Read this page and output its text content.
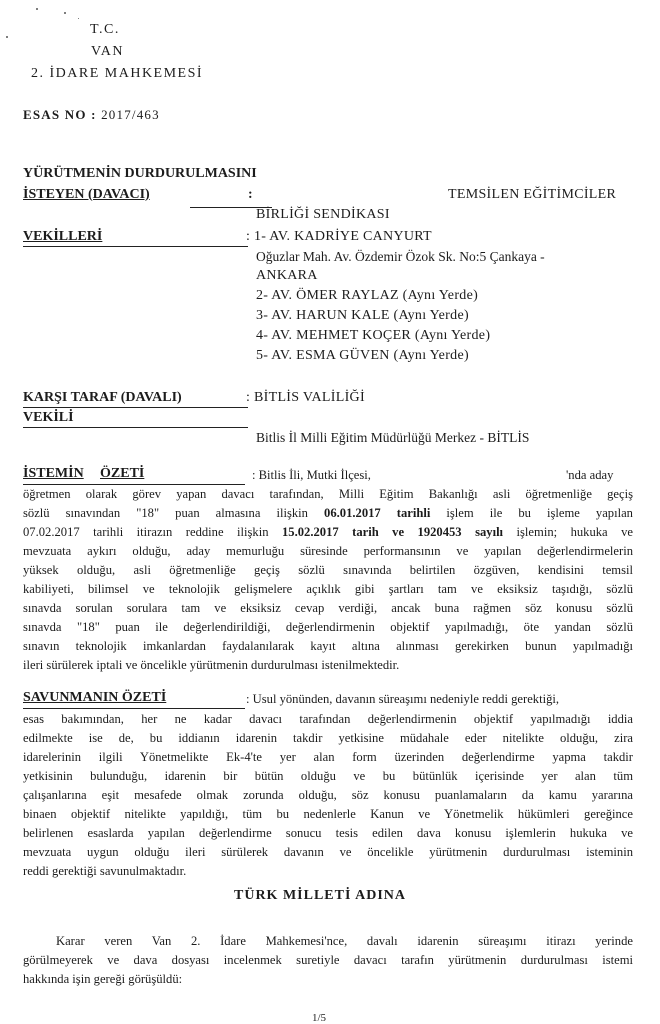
T.C.
VAN
2. İDARE MAHKEMESİ
ESAS NO : 2017/463
YÜRÜTMENİN DURDURULMASINI
İSTEYEN (DAVACI)	:	TEMSİLEN EĞİTİMCİLER
BİRLİĞİ SENDİKASI
VEKİLLERİ	: 1- AV. KADRİYE CANYURT
Oğuzlar Mah. Av. Özdemir Özok Sk. No:5 Çankaya -
ANKARA
2- AV. ÖMER RAYLAZ (Aynı Yerde)
3- AV. HARUN KALE (Aynı Yerde)
4- AV. MEHMET KOÇER (Aynı Yerde)
5- AV. ESMA GÜVEN (Aynı Yerde)
KARŞI TARAF (DAVALI)	: BİTLİS VALİLİĞİ
VEKİLİ
Bitlis İl Milli Eğitim Müdürlüğü Merkez - BİTLİS
İSTEMİN ÖZETİ	: Bitlis İli, Mutki İlçesi,	'nda aday
öğretmen olarak görev yapan davacı tarafından, Milli Eğitim Bakanlığı asli öğretmenliğe geçiş
sözlü sınavından "18" puan almasına ilişkin 06.01.2017 tarihli işlem ile bu işleme yapılan
07.02.2017 tarihli itirazın reddine ilişkin 15.02.2017 tarih ve 1920453 sayılı işlemin; hukuka ve
mevzuata aykırı olduğu, aday memurluğu süresinde performansının ve yapılan değerlendirmelerin
yüksek olduğu, asli öğretmenliğe geçiş sözlü sınavında belirtilen özgüven, kendisini temsil
kabiliyeti, bilimsel ve teknolojik gelişmelere açıklık gibi şartları tam ve eksiksiz taşıdığı, sözlü
sınavda sorulan sorulara tam ve eksiksiz cevap verdiği, ancak buna rağmen söz konusu sözlü
sınavda "18" puan ile değerlendirildiği, değerlendirmenin objektif yapılmadığı, öte yandan sözlü
sınavın teknolojik imkanlardan faydalanılarak kayıt altına alınması gerekirken bunun yapılmadığı
ileri sürülerek iptali ve öncelikle yürütmenin durdurulması istenilmektedir.
SAVUNMANIN ÖZETİ	: Usul yönünden, davanın süreaşımı nedeniyle reddi gerektiği,
esas bakımından, her ne kadar davacı tarafından değerlendirmenin objektif yapılmadığı iddia
edilmekte ise de, bu iddianın idarenin takdir yetkisine müdahale eder nitelikte olduğu, zira
idarelerinin ilgili Yönetmelikte Ek-4'te yer alan form üzerinden değerlendirme yapma takdir
yetkisinin bulunduğu, idarenin bir bütün olduğu ve bu bütünlük içerisinde yer alan tüm
çalışanlarına eşit mesafede olmak zorunda olduğu, söz konusu puanlamaların da kamu yararına
binaen objektif nitelikte yapıldığı, tüm bu nedenlerle Kanun ve Yönetmelik hükümleri gereğince
belirlenen esaslarda yapılan değerlendirme sonucu tesis edilen dava konusu işlemlerin hukuka ve
mevzuata uygun olduğu ileri sürülerek davanın ve öncelikle yürütmenin durdurulması isteminin
reddi gerektiği savunulmaktadır.
TÜRK MİLLETİ ADINA
Karar veren Van 2. İdare Mahkemesi'nce, davalı idarenin süreaşımı itirazı yerinde
görülmeyerek ve dava dosyası incelenmek suretiyle davacı tarafın yürütmenin durdurulması istemi
hakkında işin gereği görüşüldü:
1/5
